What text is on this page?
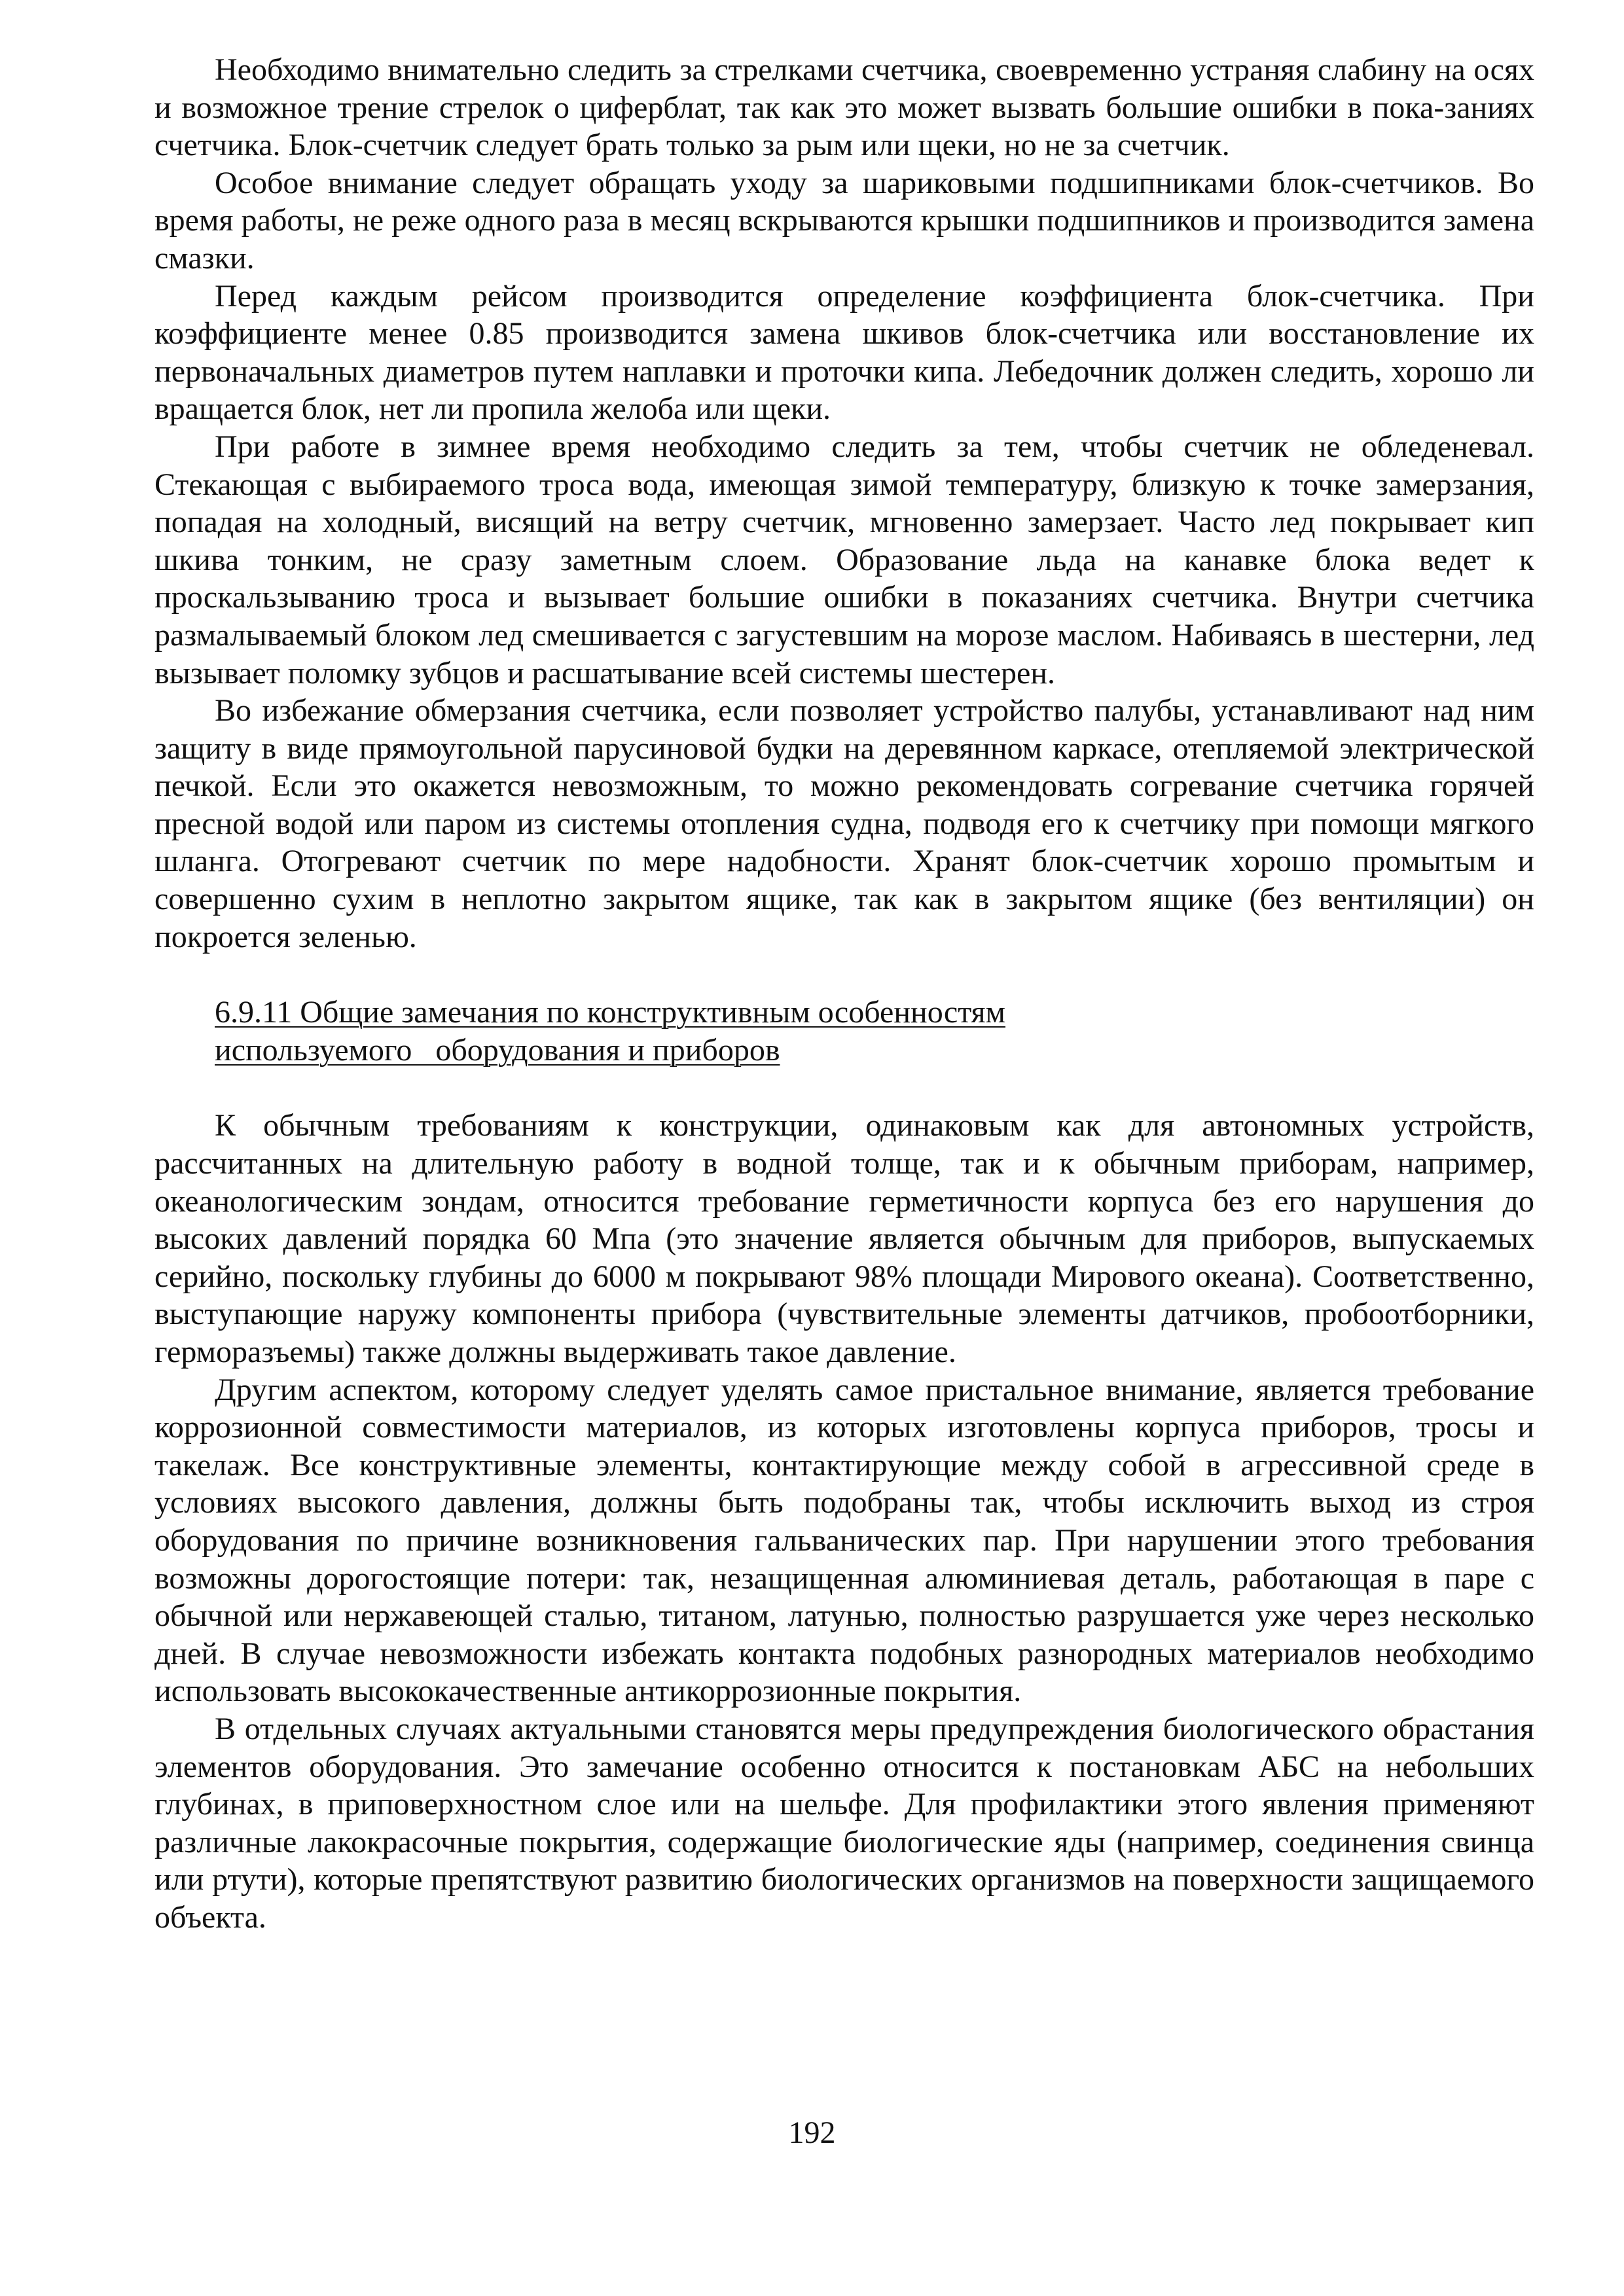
Необходимо внимательно следить за стрелками счетчика, своевременно устраняя слабину на осях и возможное трение стрелок о циферблат, так как это может вызвать большие ошибки в пока-заниях счетчика. Блок-счетчик следует брать только за рым или щеки, но не за счетчик.

Особое внимание следует обращать уходу за шариковыми подшипниками блок-счетчиков. Во время работы, не реже одного раза в месяц вскрываются крышки подшипников и производится замена смазки.

Перед каждым рейсом производится определение коэффициента блок-счетчика. При коэффициенте менее 0.85 производится замена шкивов блок-счетчика или восстановление их первоначальных диаметров путем наплавки и проточки кипа. Лебедочник должен следить, хорошо ли вращается блок, нет ли пропила желоба или щеки.

При работе в зимнее время необходимо следить за тем, чтобы счетчик не обледеневал. Стекающая с выбираемого троса вода, имеющая зимой температуру, близкую к точке замерзания, попадая на холодный, висящий на ветру счетчик, мгновенно замерзает. Часто лед покрывает кип шкива тонким, не сразу заметным слоем. Образование льда на канавке блока ведет к проскальзыванию троса и вызывает большие ошибки в показаниях счетчика. Внутри счетчика размалываемый блоком лед смешивается с загустевшим на морозе маслом. Набиваясь в шестерни, лед вызывает поломку зубцов и расшатывание всей системы шестерен.

Во избежание обмерзания счетчика, если позволяет устройство палубы, устанавливают над ним защиту в виде прямоугольной парусиновой будки на деревянном каркасе, отепляемой электрической печкой. Если это окажется невозможным, то можно рекомендовать согревание счетчика горячей пресной водой или паром из системы отопления судна, подводя его к счетчику при помощи мягкого шланга. Отогревают счетчик по мере надобности. Хранят блок-счетчик хорошо промытым и совершенно сухим в неплотно закрытом ящике, так как в закрытом ящике (без вентиляции) он покроется зеленью.

6.9.11 Общие замечания по конструктивным особенностям
используемого   оборудования и приборов

К обычным требованиям к конструкции, одинаковым как для автономных устройств, рассчитанных на длительную работу в водной толще, так и к обычным приборам, например, океанологическим зондам, относится требование герметичности корпуса без его нарушения до высоких давлений порядка 60 Мпа (это значение является обычным для приборов, выпускаемых серийно, поскольку глубины до 6000 м покрывают 98% площади Мирового океана). Соответственно, выступающие наружу компоненты прибора (чувствительные элементы датчиков, пробоотборники, герморазъемы) также должны выдерживать такое давление.

Другим аспектом, которому следует уделять самое пристальное внимание, является требование коррозионной совместимости материалов, из которых изготовлены корпуса приборов, тросы и такелаж. Все конструктивные элементы, контактирующие между собой в агрессивной среде в условиях высокого давления, должны быть подобраны так, чтобы исключить выход из строя оборудования по причине возникновения гальванических пар. При нарушении этого требования возможны дорогостоящие потери: так, незащищенная алюминиевая деталь, работающая в паре с обычной или нержавеющей сталью, титаном, латунью, полностью разрушается уже через несколько дней. В случае невозможности избежать контакта подобных разнородных материалов необходимо использовать высококачественные антикоррозионные покрытия.

В отдельных случаях актуальными становятся меры предупреждения биологического обрастания элементов оборудования. Это замечание особенно относится к постановкам АБС на небольших глубинах, в приповерхностном слое или на шельфе. Для профилактики этого явления применяют различные лакокрасочные покрытия, содержащие биологические яды (например, соединения свинца или ртути), которые препятствуют развитию биологических организмов на поверхности защищаемого объекта.

192
